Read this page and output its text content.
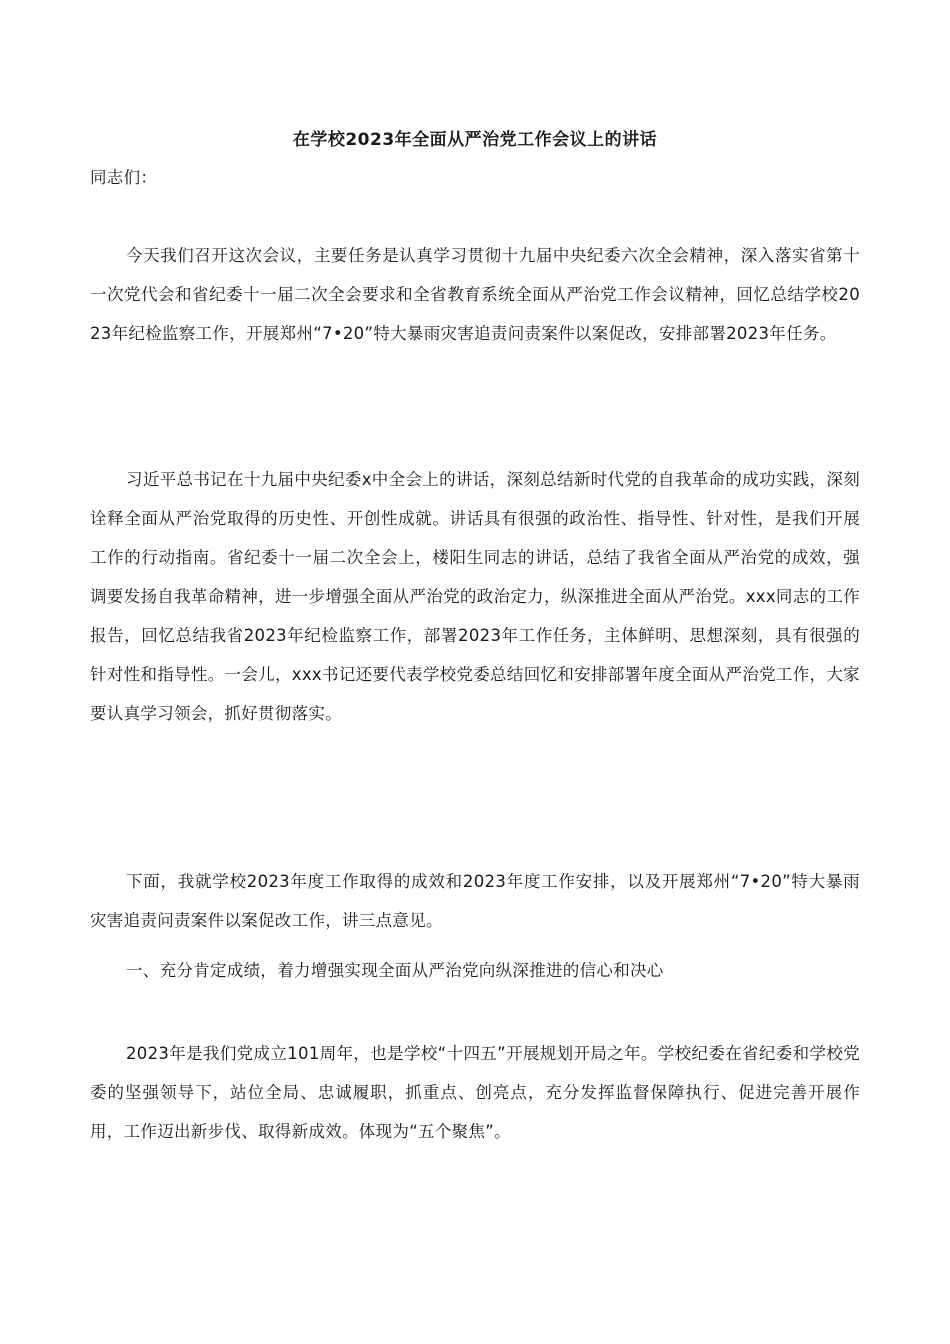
在学校2023年全面从严治党工作会议上的讲话
同志们：
今天我们召开这次会议，主要任务是认真学习贯彻十九届中央纪委六次全会精神，深入落实省第十一次党代会和省纪委十一届二次全会要求和全省教育系统全面从严治党工作会议精神，回忆总结学校2023年纪检监察工作，开展郑州“7•20”特大暴雨灾害追责问责案件以案促改，安排部署2023年任务。
习近平总书记在十九届中央纪委x中全会上的讲话，深刻总结新时代党的自我革命的成功实践，深刻诠释全面从严治党取得的历史性、开创性成就。讲话具有很强的政治性、指导性、针对性，是我们开展工作的行动指南。省纪委十一届二次全会上，楼阳生同志的讲话，总结了我省全面从严治党的成效，强调要发扬自我革命精神，进一步增强全面从严治党的政治定力，纵深推进全面从严治党。xxx同志的工作报告，回忆总结我省2023年纪检监察工作，部署2023年工作任务，主体鲜明、思想深刻，具有很强的针对性和指导性。一会儿，xxx书记还要代表学校党委总结回忆和安排部署年度全面从严治党工作，大家要认真学习领会，抓好贯彻落实。
下面，我就学校2023年度工作取得的成效和2023年度工作安排，以及开展郑州“7•20”特大暴雨灾害追责问责案件以案促改工作，讲三点意见。
一、充分肯定成绩，着力增强实现全面从严治党向纵深推进的信心和决心
2023年是我们党成立101周年，也是学校“十四五”开展规划开局之年。学校纪委在省纪委和学校党委的坚强领导下，站位全局、忠诚履职，抓重点、创亮点，充分发挥监督保障执行、促进完善开展作用，工作迈出新步伐、取得新成效。体现为“五个聚焦”。
